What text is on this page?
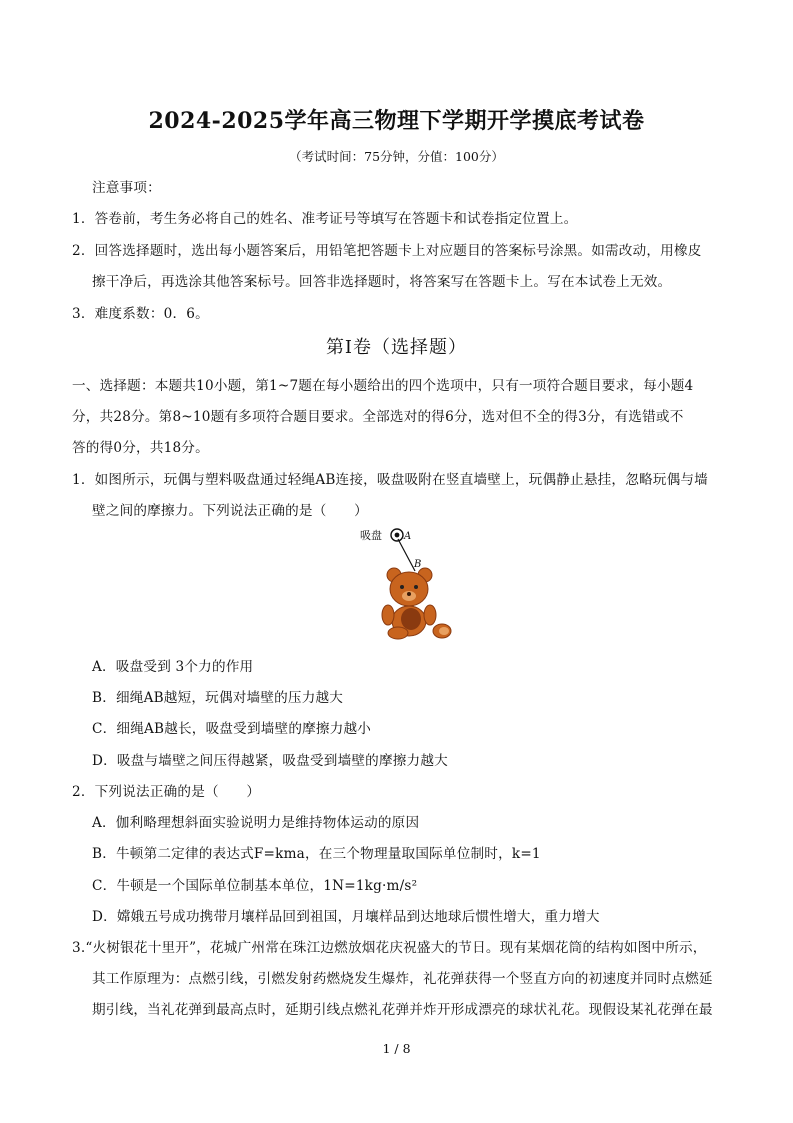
2024-2025学年高三物理下学期开学摸底考试卷
（考试时间：75分钟，分值：100分）
注意事项：
1．答卷前，考生务必将自己的姓名、准考证号等填写在答题卡和试卷指定位置上。
2．回答选择题时，选出每小题答案后，用铅笔把答题卡上对应题目的答案标号涂黑。如需改动，用橡皮
擦干净后，再选涂其他答案标号。回答非选择题时，将答案写在答题卡上。写在本试卷上无效。
3．难度系数：0．6。
第Ⅰ卷（选择题）
一、选择题：本题共10小题，第1~7题在每小题给出的四个选项中，只有一项符合题目要求，每小题4
分，共28分。第8~10题有多项符合题目要求。全部选对的得6分，选对但不全的得3分，有选错或不
答的得0分，共18分。
1．如图所示，玩偶与塑料吸盘通过轻绳AB连接，吸盘吸附在竖直墙壁上，玩偶静止悬挂，忽略玩偶与墙
壁之间的摩擦力。下列说法正确的是（　　）
吸盘 A
B
A．吸盘受到 3个力的作用
B．细绳AB越短，玩偶对墙壁的压力越大
C．细绳AB越长，吸盘受到墙壁的摩擦力越小
D．吸盘与墙壁之间压得越紧，吸盘受到墙壁的摩擦力越大
2．下列说法正确的是（　　）
A．伽利略理想斜面实验说明力是维持物体运动的原因
B．牛顿第二定律的表达式F=kma，在三个物理量取国际单位制时，k=1
C．牛顿是一个国际单位制基本单位，1N=1kg·m/s²
D．嫦娥五号成功携带月壤样品回到祖国，月壤样品到达地球后惯性增大，重力增大
3.“火树银花十里开”，花城广州常在珠江边燃放烟花庆祝盛大的节日。现有某烟花筒的结构如图中所示，
其工作原理为：点燃引线，引燃发射药燃烧发生爆炸，礼花弹获得一个竖直方向的初速度并同时点燃延
期引线，当礼花弹到最高点时，延期引线点燃礼花弹并炸开形成漂亮的球状礼花。现假设某礼花弹在最
1 / 8
